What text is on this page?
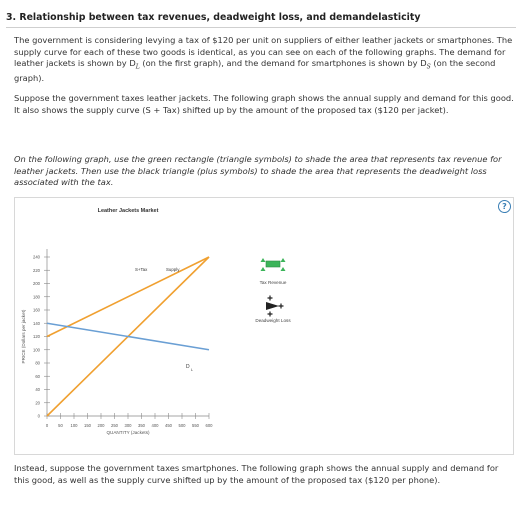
3. Relationship between tax revenues, deadweight loss, and demandelasticity
The government is considering levying a tax of $120 per unit on suppliers of either leather jackets or smartphones. The supply curve for each of these two goods is identical, as you can see on each of the following graphs. The demand for leather jackets is shown by $D_L$ (on the first graph), and the demand for smartphones is shown by $D_S$ (on the second graph).
Suppose the government taxes leather jackets. The following graph shows the annual supply and demand for this good. It also shows the supply curve (S + Tax) shifted up by the amount of the proposed tax ($120 per jacket).
On the following graph, use the green rectangle (triangle symbols) to shade the area that represents tax revenue for leather jackets. Then use the black triangle (plus symbols) to shade the area that represents the deadweight loss associated with the tax.
?
Leather Jackets Market
0
20
40
60
80
100
120
140
160
180
200
220
240
0 50 100 150 200 250 300 350 400 450 500 550 600
QUANTITY (Jackets)
PRICE (Dollars per jacket)
S+Tax	Supply
D L
Tax Revenue
Deadweight Loss
Instead, suppose the government taxes smartphones. The following graph shows the annual supply and demand for this good, as well as the supply curve shifted up by the amount of the proposed tax ($120 per phone).
